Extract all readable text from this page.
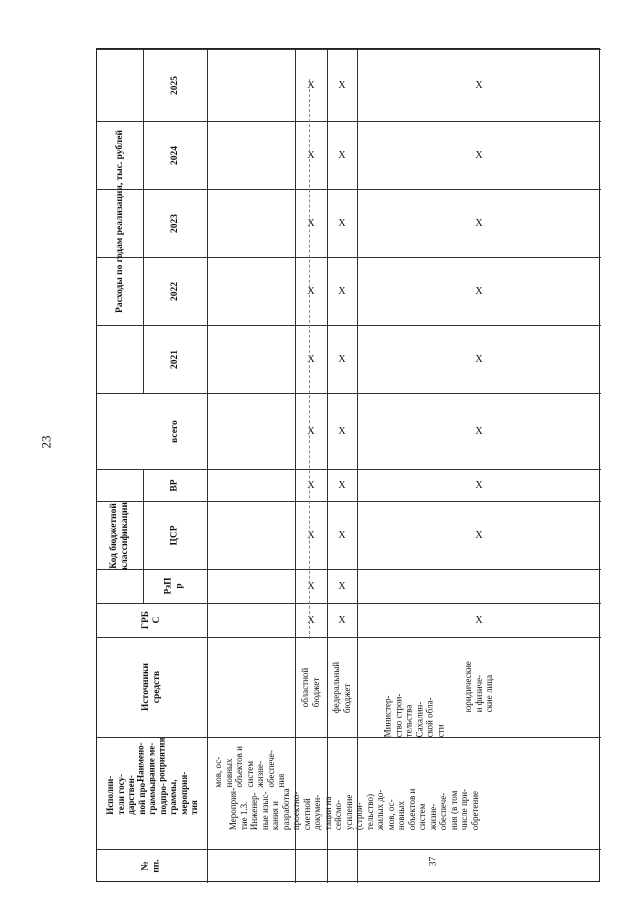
23
Расходы по годам реализации, тыс. рублей
2025
2024
2023
2022
2021
всего
Код бюджетной
классификации
ВР
ЦСР
РзП
р
ГРБ
С
Источники
средств
Исполни-
тели госу-
дарствен-
ной про-
граммы,
подпро-
граммы,
мероприя-
тия
№
пп.
областной
бюджет федеральный
бюджет	юридические
и физиче-
ские лица
X
X
X
X
X
X
X
X
X
X
X
X
X
X
X
X
X
X
X
X
X
X
X
X
X
X
X
X
X
Наимено-
вание ме-
роприятия	мов, ос-
новных
объектов и
систем
жизне-
обеспече-
ния
Мероприя-
тие 1.3.
Инженер-
ные изыс-
кания и
разработка
проектно-
сметной
докумен-
тации на
сейсмо-
усиление
(строи-
тельство)
жилых до-
мов, ос-
новных
объектов и
систем
жизне-
обеспече-
ния (в том
числе при-
обретение
Министер-
ство строи-
тельства
Сахалин-
ской обла-
сти
37
